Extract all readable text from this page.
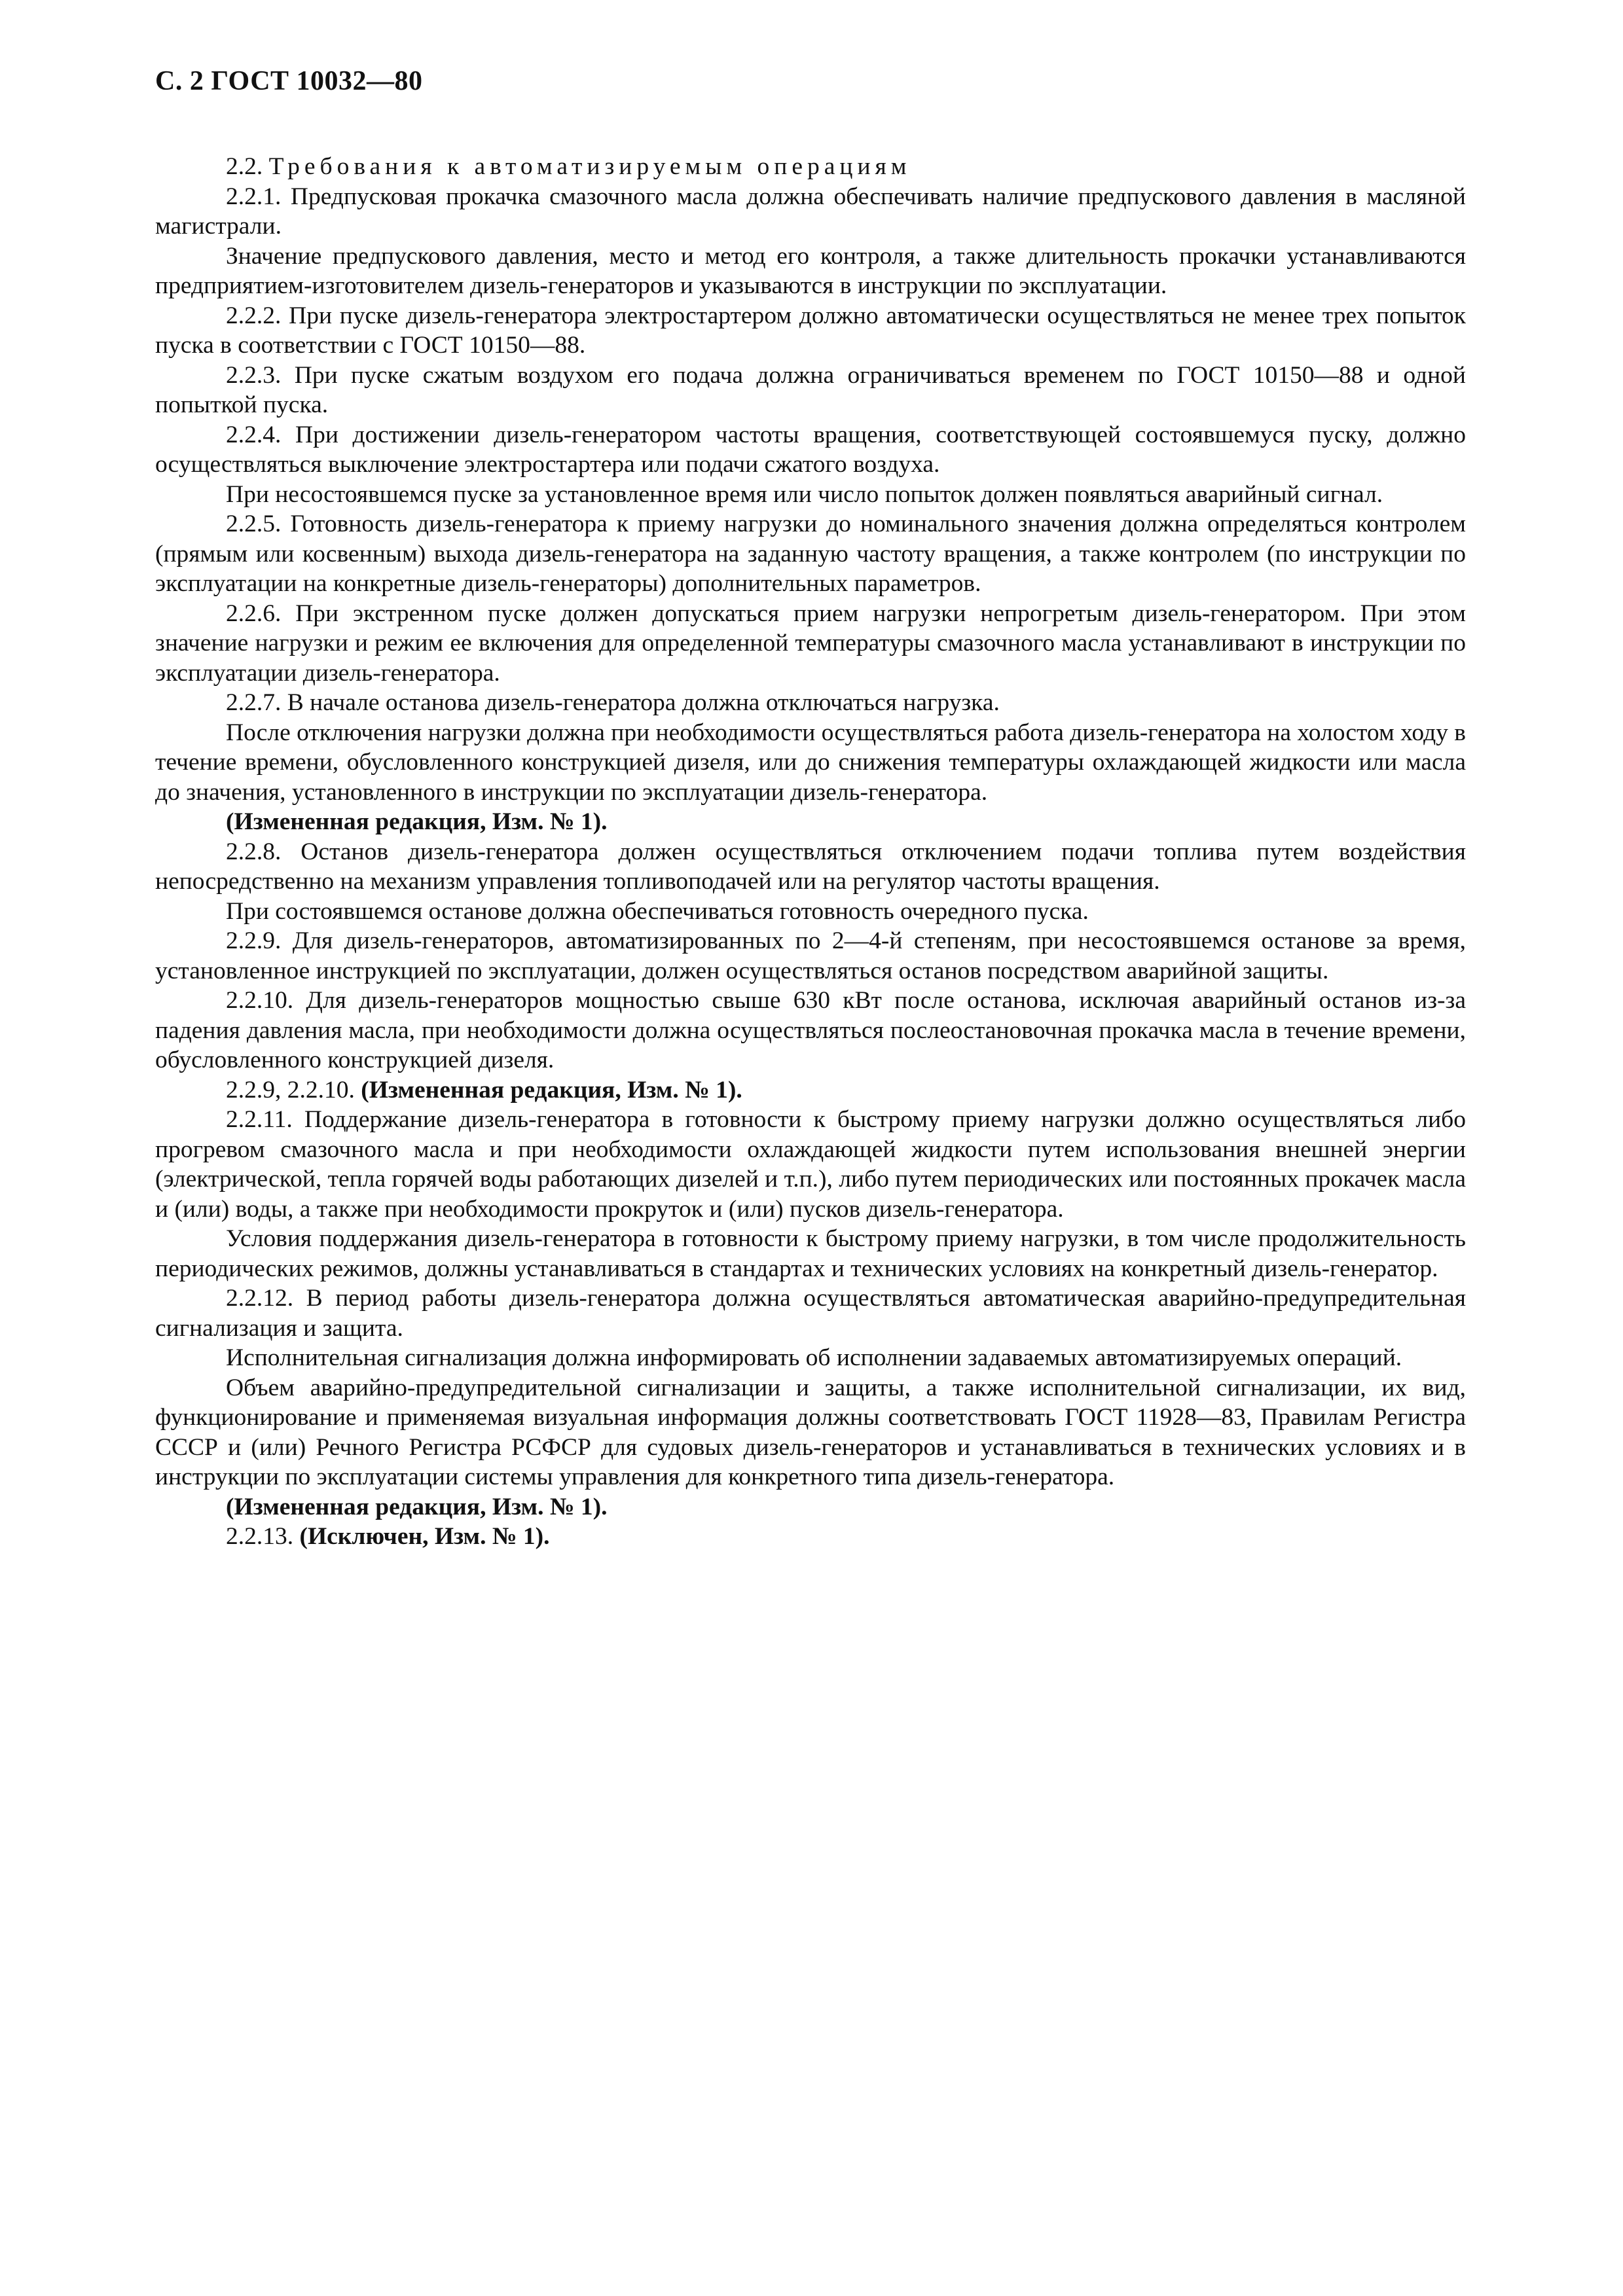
С. 2 ГОСТ 10032—80

2.2. Требования к автоматизируемым операциям

2.2.1. Предпусковая прокачка смазочного масла должна обеспечивать наличие предпускового давления в масляной магистрали.

Значение предпускового давления, место и метод его контроля, а также длительность прокачки устанавливаются предприятием-изготовителем дизель-генераторов и указываются в инструкции по эксплуатации.

2.2.2. При пуске дизель-генератора электростартером должно автоматически осуществляться не менее трех попыток пуска в соответствии с ГОСТ 10150—88.

2.2.3. При пуске сжатым воздухом его подача должна ограничиваться временем по ГОСТ 10150—88 и одной попыткой пуска.

2.2.4. При достижении дизель-генератором частоты вращения, соответствующей состоявшемуся пуску, должно осуществляться выключение электростартера или подачи сжатого воздуха.

При несостоявшемся пуске за установленное время или число попыток должен появляться аварийный сигнал.

2.2.5. Готовность дизель-генератора к приему нагрузки до номинального значения должна определяться контролем (прямым или косвенным) выхода дизель-генератора на заданную частоту вращения, а также контролем (по инструкции по эксплуатации на конкретные дизель-генераторы) дополнительных параметров.

2.2.6. При экстренном пуске должен допускаться прием нагрузки непрогретым дизель-генератором. При этом значение нагрузки и режим ее включения для определенной температуры смазочного масла устанавливают в инструкции по эксплуатации дизель-генератора.

2.2.7. В начале останова дизель-генератора должна отключаться нагрузка.

После отключения нагрузки должна при необходимости осуществляться работа дизель-генератора на холостом ходу в течение времени, обусловленного конструкцией дизеля, или до снижения температуры охлаждающей жидкости или масла до значения, установленного в инструкции по эксплуатации дизель-генератора.

(Измененная редакция, Изм. № 1).

2.2.8. Останов дизель-генератора должен осуществляться отключением подачи топлива путем воздействия непосредственно на механизм управления топливоподачей или на регулятор частоты вращения.

При состоявшемся останове должна обеспечиваться готовность очередного пуска.

2.2.9. Для дизель-генераторов, автоматизированных по 2—4-й степеням, при несостоявшемся останове за время, установленное инструкцией по эксплуатации, должен осуществляться останов посредством аварийной защиты.

2.2.10. Для дизель-генераторов мощностью свыше 630 кВт после останова, исключая аварийный останов из-за падения давления масла, при необходимости должна осуществляться послеостановочная прокачка масла в течение времени, обусловленного конструкцией дизеля.

2.2.9, 2.2.10. (Измененная редакция, Изм. № 1).

2.2.11. Поддержание дизель-генератора в готовности к быстрому приему нагрузки должно осуществляться либо прогревом смазочного масла и при необходимости охлаждающей жидкости путем использования внешней энергии (электрической, тепла горячей воды работающих дизелей и т.п.), либо путем периодических или постоянных прокачек масла и (или) воды, а также при необходимости прокруток и (или) пусков дизель-генератора.

Условия поддержания дизель-генератора в готовности к быстрому приему нагрузки, в том числе продолжительность периодических режимов, должны устанавливаться в стандартах и технических условиях на конкретный дизель-генератор.

2.2.12. В период работы дизель-генератора должна осуществляться автоматическая аварийно-предупредительная сигнализация и защита.

Исполнительная сигнализация должна информировать об исполнении задаваемых автоматизируемых операций.

Объем аварийно-предупредительной сигнализации и защиты, а также исполнительной сигнализации, их вид, функционирование и применяемая визуальная информация должны соответствовать ГОСТ 11928—83, Правилам Регистра СССР и (или) Речного Регистра РСФСР для судовых дизель-генераторов и устанавливаться в технических условиях и в инструкции по эксплуатации системы управления для конкретного типа дизель-генератора.

(Измененная редакция, Изм. № 1).

2.2.13. (Исключен, Изм. № 1).
